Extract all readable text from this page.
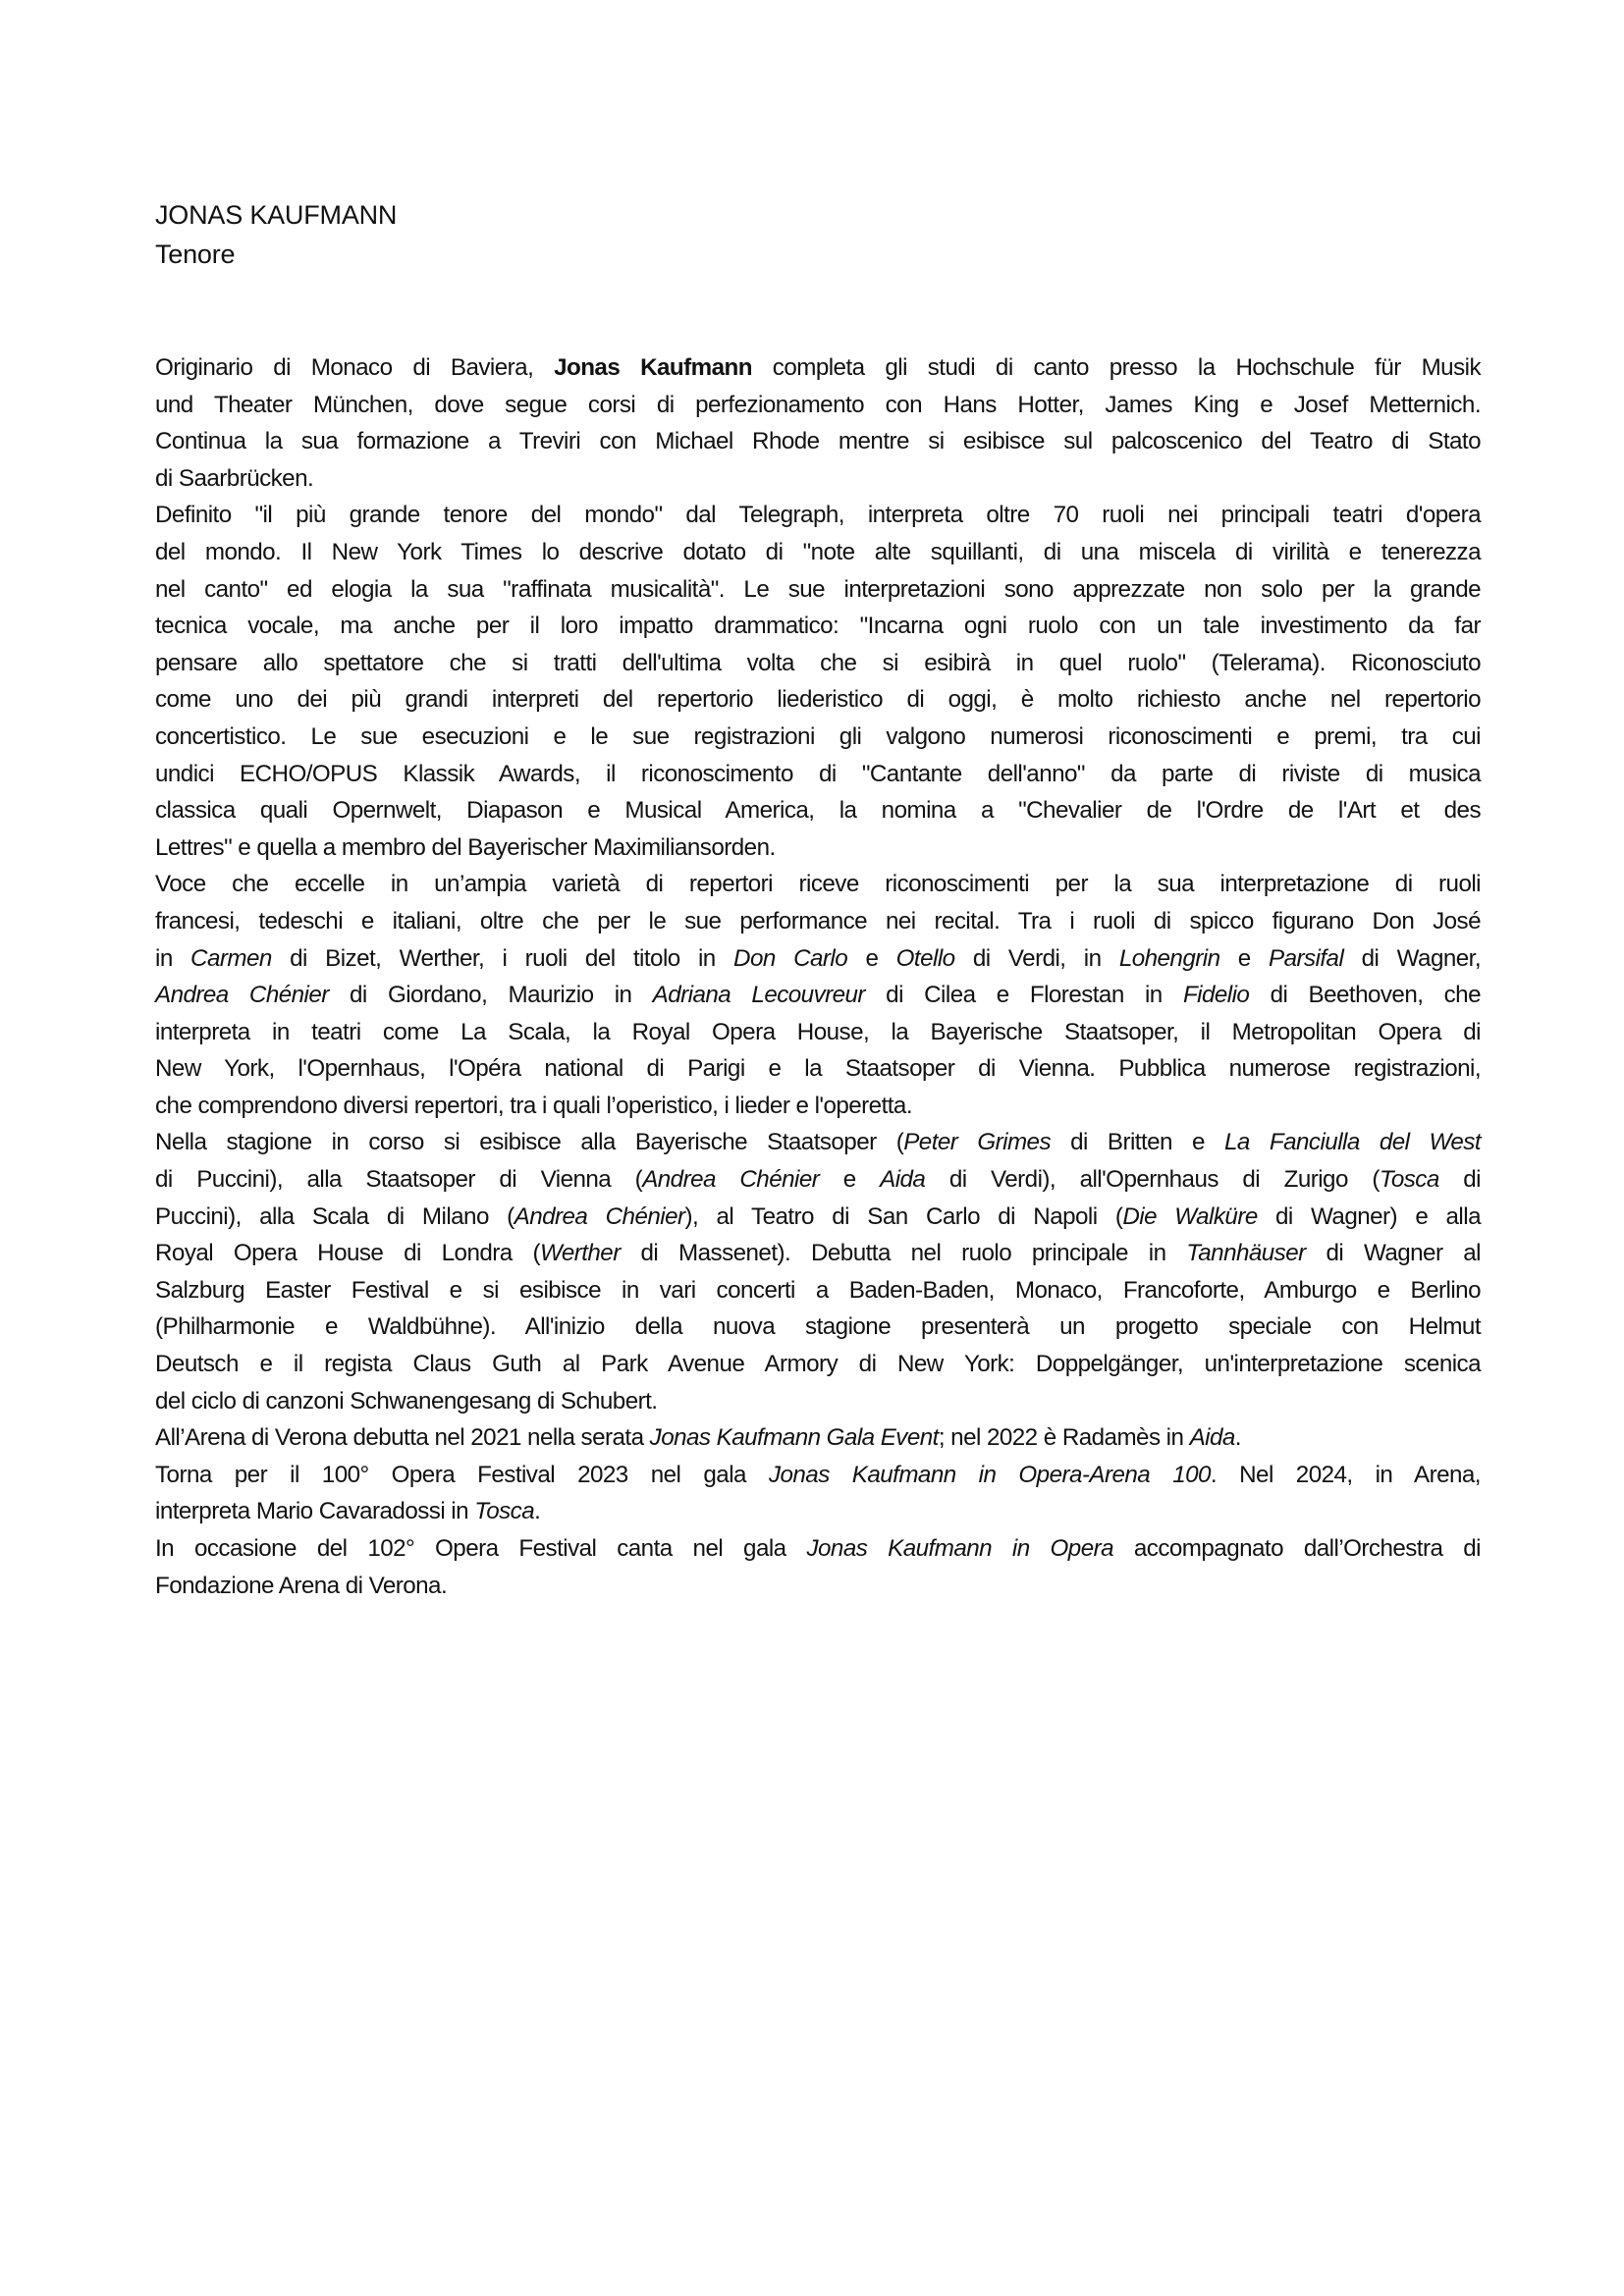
JONAS KAUFMANN
Tenore
Originario di Monaco di Baviera, Jonas Kaufmann completa gli studi di canto presso la Hochschule für Musik
und Theater München, dove segue corsi di perfezionamento con Hans Hotter, James King e Josef Metternich.
Continua la sua formazione a Treviri con Michael Rhode mentre si esibisce sul palcoscenico del Teatro di Stato
di Saarbrücken.
Definito "il più grande tenore del mondo" dal Telegraph, interpreta oltre 70 ruoli nei principali teatri d'opera
del mondo. Il New York Times lo descrive dotato di "note alte squillanti, di una miscela di virilità e tenerezza
nel canto" ed elogia la sua "raffinata musicalità". Le sue interpretazioni sono apprezzate non solo per la grande
tecnica vocale, ma anche per il loro impatto drammatico: "Incarna ogni ruolo con un tale investimento da far
pensare allo spettatore che si tratti dell'ultima volta che si esibirà in quel ruolo" (Telerama). Riconosciuto
come uno dei più grandi interpreti del repertorio liederistico di oggi, è molto richiesto anche nel repertorio
concertistico. Le sue esecuzioni e le sue registrazioni gli valgono numerosi riconoscimenti e premi, tra cui
undici ECHO/OPUS Klassik Awards, il riconoscimento di "Cantante dell'anno" da parte di riviste di musica
classica quali Opernwelt, Diapason e Musical America, la nomina a "Chevalier de l'Ordre de l'Art et des
Lettres" e quella a membro del Bayerischer Maximiliansorden.
Voce che eccelle in un’ampia varietà di repertori riceve riconoscimenti per la sua interpretazione di ruoli
francesi, tedeschi e italiani, oltre che per le sue performance nei recital. Tra i ruoli di spicco figurano Don José
in Carmen di Bizet, Werther, i ruoli del titolo in Don Carlo e Otello di Verdi, in Lohengrin e Parsifal di Wagner,
Andrea Chénier di Giordano, Maurizio in Adriana Lecouvreur di Cilea e Florestan in Fidelio di Beethoven, che
interpreta in teatri come La Scala, la Royal Opera House, la Bayerische Staatsoper, il Metropolitan Opera di
New York, l'Opernhaus, l'Opéra national di Parigi e la Staatsoper di Vienna. Pubblica numerose registrazioni,
che comprendono diversi repertori, tra i quali l’operistico, i lieder e l'operetta.
Nella stagione in corso si esibisce alla Bayerische Staatsoper (Peter Grimes di Britten e La Fanciulla del West
di Puccini), alla Staatsoper di Vienna (Andrea Chénier e Aida di Verdi), all'Opernhaus di Zurigo (Tosca di
Puccini), alla Scala di Milano (Andrea Chénier), al Teatro di San Carlo di Napoli (Die Walküre di Wagner) e alla
Royal Opera House di Londra (Werther di Massenet). Debutta nel ruolo principale in Tannhäuser di Wagner al
Salzburg Easter Festival e si esibisce in vari concerti a Baden-Baden, Monaco, Francoforte, Amburgo e Berlino
(Philharmonie e Waldbühne). All'inizio della nuova stagione presenterà un progetto speciale con Helmut
Deutsch e il regista Claus Guth al Park Avenue Armory di New York: Doppelgänger, un'interpretazione scenica
del ciclo di canzoni Schwanengesang di Schubert.
All’Arena di Verona debutta nel 2021 nella serata Jonas Kaufmann Gala Event; nel 2022 è Radamès in Aida.
Torna per il 100° Opera Festival 2023 nel gala Jonas Kaufmann in Opera-Arena 100. Nel 2024, in Arena,
interpreta Mario Cavaradossi in Tosca.
In occasione del 102° Opera Festival canta nel gala Jonas Kaufmann in Opera accompagnato dall’Orchestra di
Fondazione Arena di Verona.
